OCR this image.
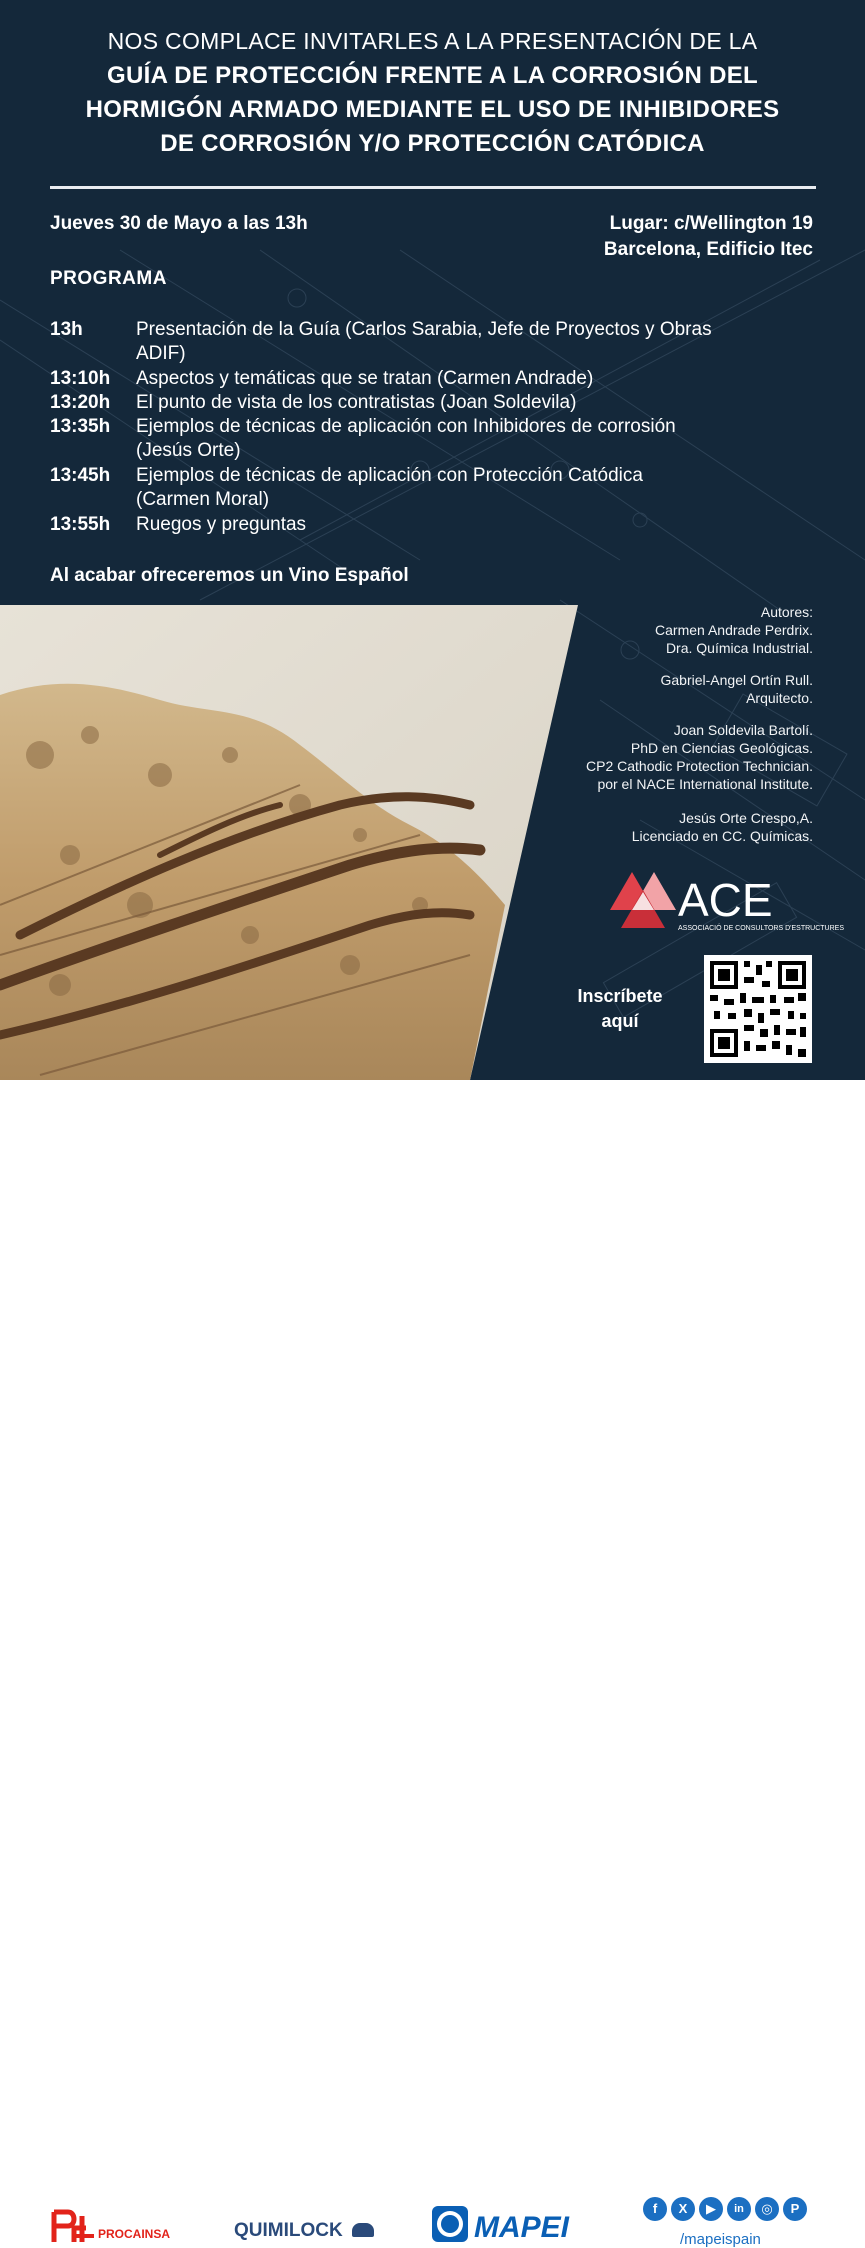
NOS COMPLACE INVITARLES A LA PRESENTACIÓN DE LA
GUÍA DE PROTECCIÓN FRENTE A LA CORROSIÓN DEL
HORMIGÓN ARMADO MEDIANTE EL USO DE INHIBIDORES
DE CORROSIÓN Y/O PROTECCIÓN CATÓDICA
Jueves 30 de Mayo a las 13h	Lugar: c/Wellington 19
Barcelona, Edificio Itec
PROGRAMA
13h	Presentación de la Guía (Carlos Sarabia, Jefe de Proyectos y Obras
ADIF)
13:10h	Aspectos y temáticas que se tratan (Carmen Andrade)
13:20h	El punto de vista de los contratistas (Joan Soldevila)
13:35h	Ejemplos de técnicas de aplicación con Inhibidores de corrosión
(Jesús Orte)
13:45h	Ejemplos de técnicas de aplicación con Protección Catódica
(Carmen Moral)
13:55h	Ruegos y preguntas
Al acabar ofreceremos un Vino Español
Autores:
Carmen Andrade Perdrix.
Dra. Química Industrial.
Gabriel-Angel Ortín Rull.
Arquitecto.
Joan Soldevila Bartolí.
PhD en Ciencias Geológicas.
CP2 Cathodic Protection Technician.
por el NACE International Institute.
Jesús Orte Crespo,A.
Licenciado en CC. Químicas.
ACE
ASSOCIACIÓ DE CONSULTORS D'ESTRUCTURES
Inscríbete
aquí
PROCAINSA	QUIMILOCK	MAPEI
f	X	▶	in	◎	P
/mapeispain
